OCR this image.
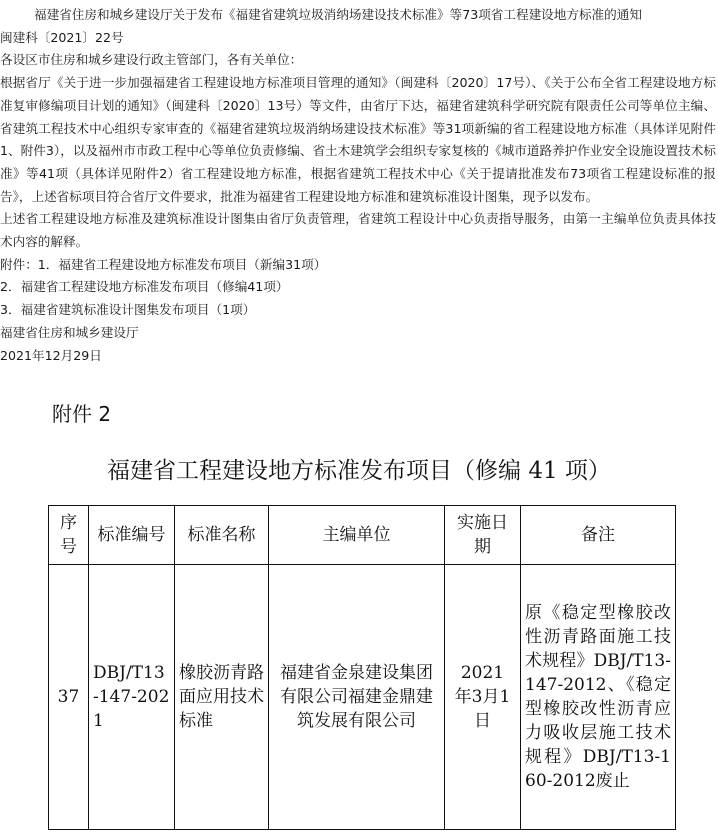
福建省住房和城乡建设厅关于发布《福建省建筑垃圾消纳场建设技术标准》等73项省工程建设地方标准的通知

闽建科〔2021〕22号

各设区市住房和城乡建设行政主管部门，各有关单位：

根据省厅《关于进一步加强福建省工程建设地方标准项目管理的通知》（闽建科〔2020〕17号）、《关于公布全省工程建设地方标准复审修编项目计划的通知》（闽建科〔2020〕13号）等文件，由省厅下达，福建省建筑科学研究院有限责任公司等单位主编、省建筑工程技术中心组织专家审查的《福建省建筑垃圾消纳场建设技术标准》等31项新编的省工程建设地方标准（具体详见附件1、附件3），以及福州市市政工程中心等单位负责修编、省土木建筑学会组织专家复核的《城市道路养护作业安全设施设置技术标准》等41项（具体详见附件2）省工程建设地方标准，根据省建筑工程技术中心《关于提请批准发布73项省工程建设标准的报告》，上述省标项目符合省厅文件要求，批准为福建省工程建设地方标准和建筑标准设计图集，现予以发布。

上述省工程建设地方标准及建筑标准设计图集由省厅负责管理，省建筑工程设计中心负责指导服务，由第一主编单位负责具体技术内容的解释。

附件：1．福建省工程建设地方标准发布项目（新编31项）

2．福建省工程建设地方标准发布项目（修编41项）

3．福建省建筑标准设计图集发布项目（1项）

福建省住房和城乡建设厅

2021年12月29日

附件 2
福建省工程建设地方标准发布项目（修编 41 项）
序号	标准编号	标准名称	主编单位	实施日期	备注
37	DBJ/T13-147-2021	橡胶沥青路面应用技术标准	福建省金泉建设集团有限公司福建金鼎建筑发展有限公司	2021年3月1日	原《稳定型橡胶改性沥青路面施工技术规程》DBJ/T13-147-2012、《稳定型橡胶改性沥青应力吸收层施工技术规程》DBJ/T13-160-2012废止
